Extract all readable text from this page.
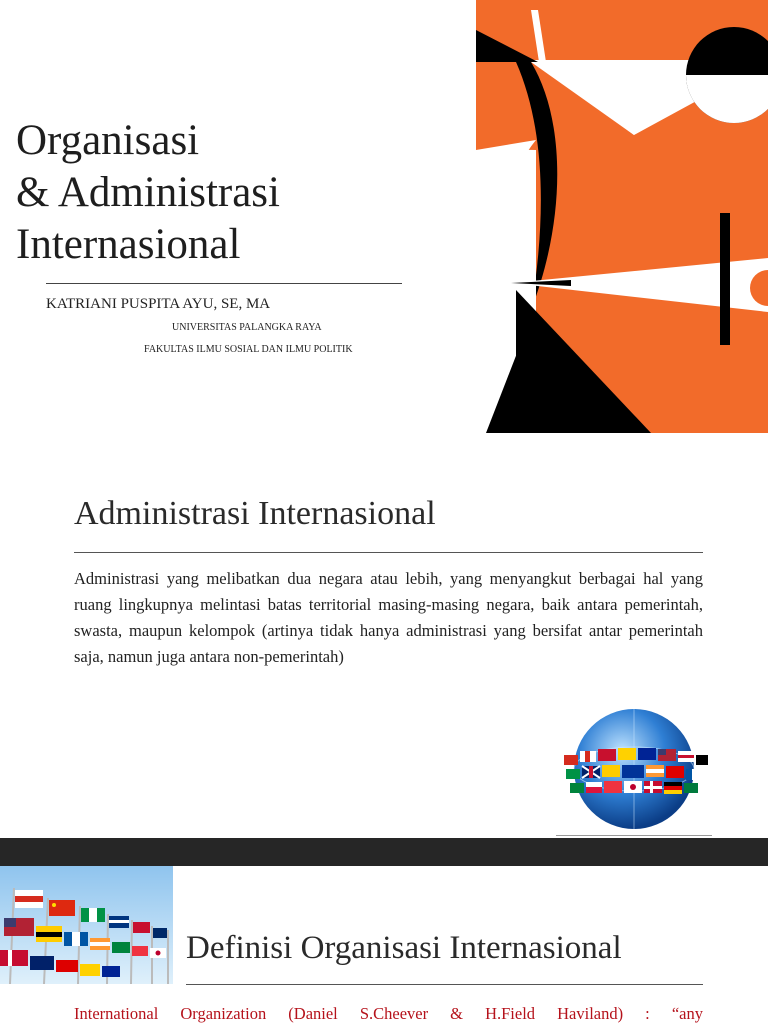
Organisasi
& Administrasi
Internasional
KATRIANI PUSPITA AYU, SE, MA
UNIVERSITAS PALANGKA RAYA
FAKULTAS ILMU SOSIAL DAN ILMU POLITIK
Administrasi Internasional

Administrasi yang melibatkan dua negara atau lebih, yang menyangkut berbagai hal yang ruang lingkupnya melintasi batas territorial masing-masing negara, baik antara pemerintah, swasta, maupun kelompok (artinya tidak hanya administrasi yang bersifat antar pemerintah saja, namun juga antara non-pemerintah)

Definisi Organisasi Internasional

International Organization (Daniel S.Cheever & H.Field Haviland) : “any
